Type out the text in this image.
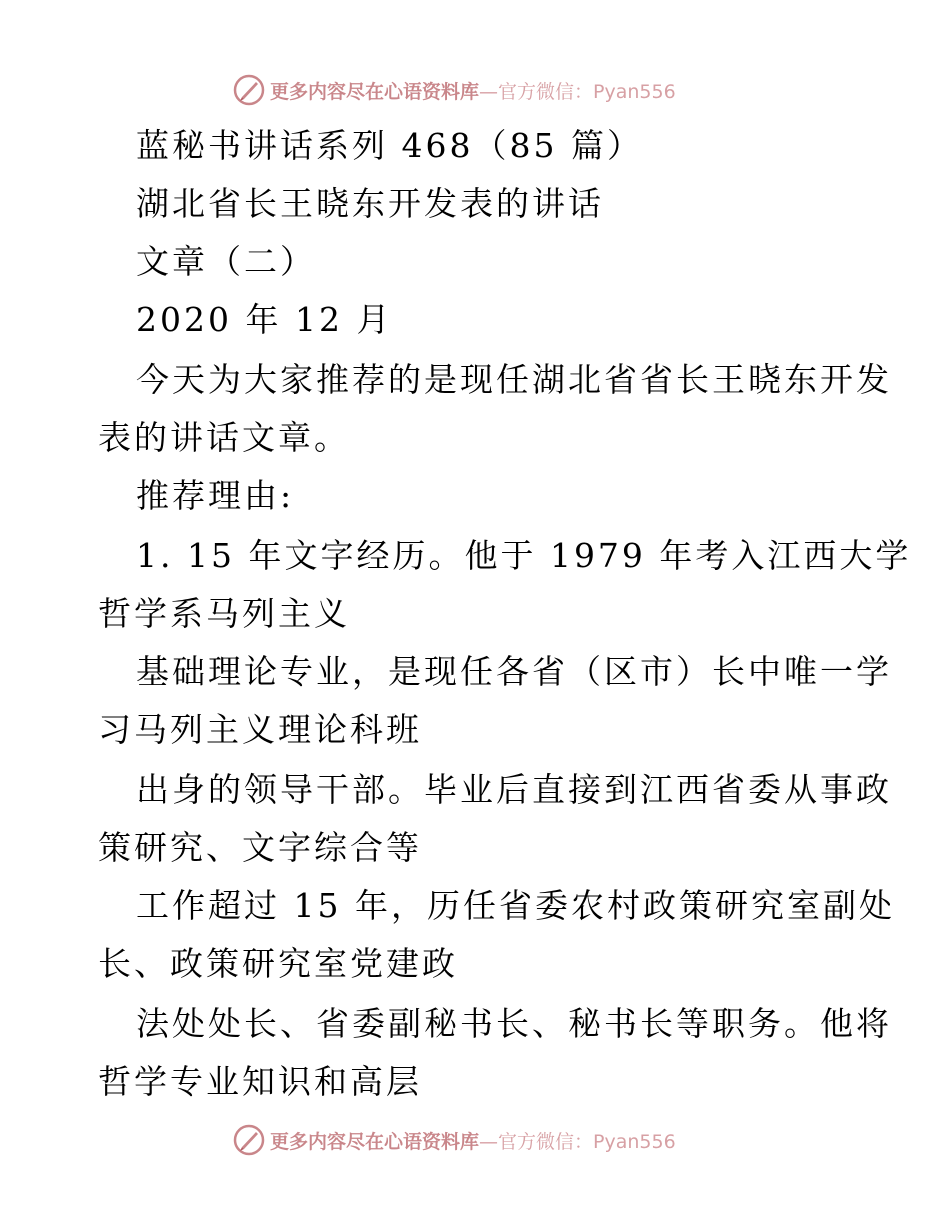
更多内容尽在心语资料库—官方微信：Pyan556
蓝秘书讲话系列 468（85 篇）
湖北省长王晓东开发表的讲话
文章（二）
2020 年 12 月
今天为大家推荐的是现任湖北省省长王晓东开发
表的讲话文章。
推荐理由:
1. 15 年文字经历。他于 1979 年考入江西大学
哲学系马列主义
基础理论专业，是现任各省（区市）长中唯一学
习马列主义理论科班
出身的领导干部。毕业后直接到江西省委从事政
策研究、文字综合等
工作超过 15 年，历任省委农村政策研究室副处
长、政策研究室党建政
法处处长、省委副秘书长、秘书长等职务。他将
哲学专业知识和高层
更多内容尽在心语资料库—官方微信：Pyan556
